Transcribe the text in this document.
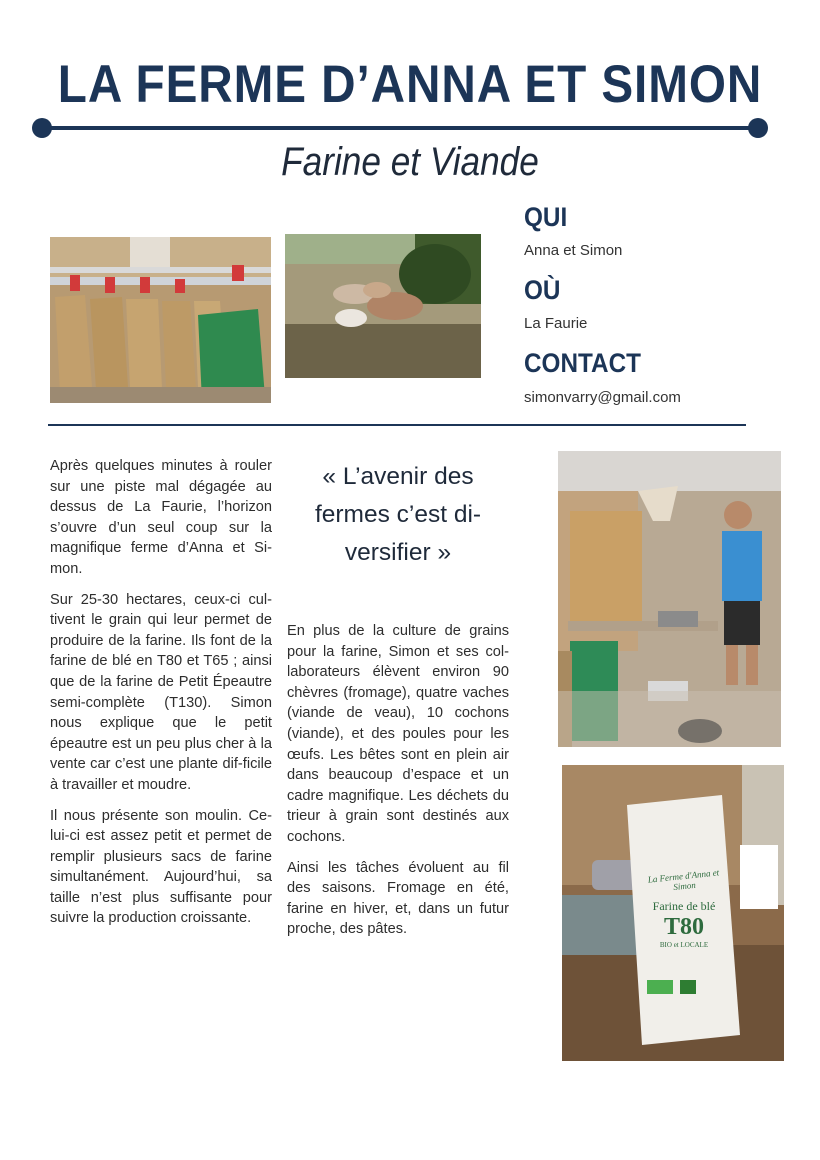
LA FERME D’ANNA ET SIMON
Farine et Viande
QUI
Anna et Simon
OÙ
La Faurie
CONTACT
simonvarry@gmail.com

Après quelques minutes à rouler sur une piste mal dégagée au dessus de La Faurie, l’horizon s’ouvre d’un seul coup sur la magnifique ferme d’Anna et Si-mon.

Sur 25-30 hectares, ceux-ci cul-tivent le grain qui leur permet de produire de la farine. Ils font de la farine de blé en T80 et T65 ; ainsi que de la farine de Petit Épeautre semi-complète (T130). Simon nous explique que le petit épeautre est un peu plus cher à la vente car c’est une plante dif-ficile à travailler et moudre.

Il nous présente son moulin. Ce-lui-ci est assez petit et permet de remplir plusieurs sacs de farine simultanément. Aujourd’hui, sa taille n’est plus suffisante pour suivre la production croissante.

« L’avenir des fermes c’est di-versifier »

En plus de la culture de grains pour la farine, Simon et ses col-laborateurs élèvent environ 90 chèvres (fromage), quatre vaches (viande de veau), 10 cochons (viande), et des poules pour les œufs. Les bêtes sont en plein air dans beaucoup d’espace et un cadre magnifique. Les déchets du trieur à grain sont destinés aux cochons.

Ainsi les tâches évoluent au fil des saisons. Fromage en été, farine en hiver, et, dans un futur proche, des pâtes.

La Ferme d'Anna et Simon
Farine de blé
T80
BIO et LOCALE
